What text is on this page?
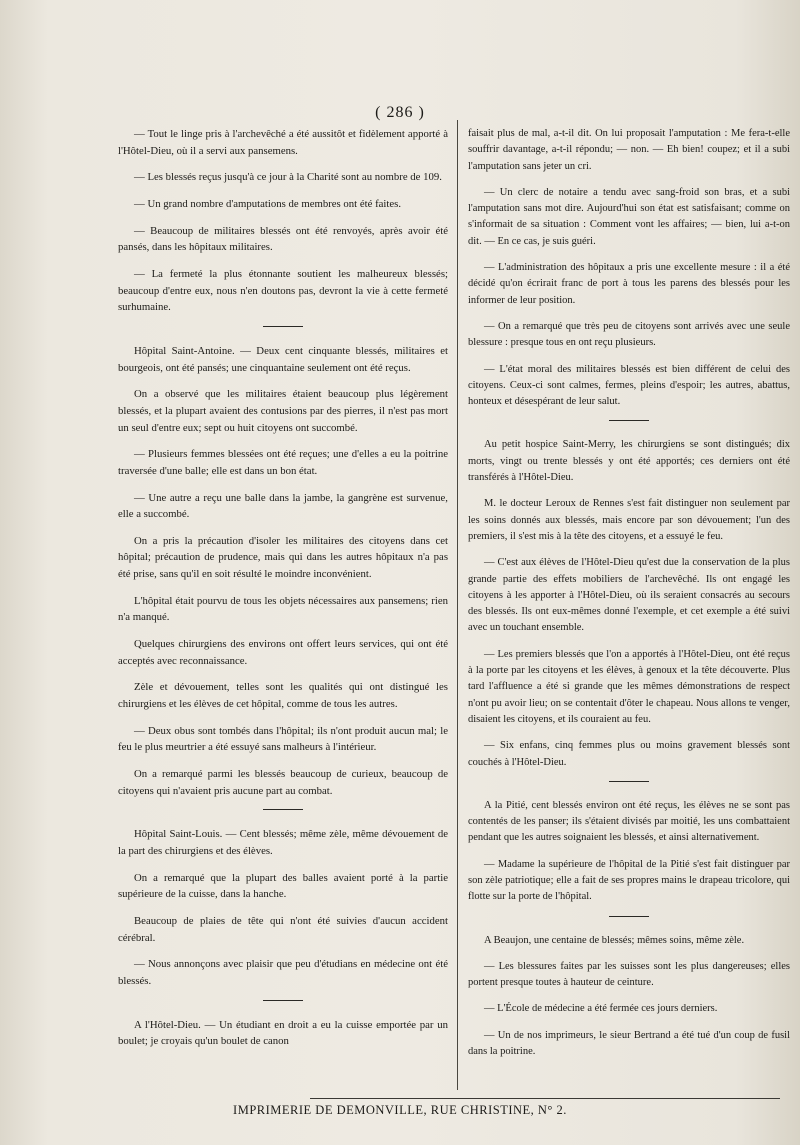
( 286 )

— Tout le linge pris à l'archevêché a été aussitôt et fidèlement apporté à l'Hôtel-Dieu, où il a servi aux pansemens.

— Les blessés reçus jusqu'à ce jour à la Charité sont au nombre de 109.

— Un grand nombre d'amputations de membres ont été faites.

— Beaucoup de militaires blessés ont été renvoyés, après avoir été pansés, dans les hôpitaux militaires.

— La fermeté la plus étonnante soutient les malheureux blessés; beaucoup d'entre eux, nous n'en doutons pas, devront la vie à cette fermeté surhumaine.

Hôpital Saint-Antoine. — Deux cent cinquante blessés, militaires et bourgeois, ont été pansés; une cinquantaine seulement ont été reçus.

On a observé que les militaires étaient beaucoup plus légèrement blessés, et la plupart avaient des contusions par des pierres, il n'est pas mort un seul d'entre eux; sept ou huit citoyens ont succombé.

— Plusieurs femmes blessées ont été reçues; une d'elles a eu la poitrine traversée d'une balle; elle est dans un bon état.

— Une autre a reçu une balle dans la jambe, la gangrène est survenue, elle a succombé.

On a pris la précaution d'isoler les militaires des citoyens dans cet hôpital; précaution de prudence, mais qui dans les autres hôpitaux n'a pas été prise, sans qu'il en soit résulté le moindre inconvénient.

L'hôpital était pourvu de tous les objets nécessaires aux pansemens; rien n'a manqué.

Quelques chirurgiens des environs ont offert leurs services, qui ont été acceptés avec reconnaissance.

Zèle et dévouement, telles sont les qualités qui ont distingué les chirurgiens et les élèves de cet hôpital, comme de tous les autres.

— Deux obus sont tombés dans l'hôpital; ils n'ont produit aucun mal; le feu le plus meurtrier a été essuyé sans malheurs à l'intérieur.

On a remarqué parmi les blessés beaucoup de curieux, beaucoup de citoyens qui n'avaient pris aucune part au combat.

Hôpital Saint-Louis. — Cent blessés; même zèle, même dévouement de la part des chirurgiens et des élèves.

On a remarqué que la plupart des balles avaient porté à la partie supérieure de la cuisse, dans la hanche.

Beaucoup de plaies de tête qui n'ont été suivies d'aucun accident cérébral.

— Nous annonçons avec plaisir que peu d'étudians en médecine ont été blessés.

A l'Hôtel-Dieu. — Un étudiant en droit a eu la cuisse emportée par un boulet; je croyais qu'un boulet de canon

faisait plus de mal, a-t-il dit. On lui proposait l'amputation : Me fera-t-elle souffrir davantage, a-t-il répondu; — non. — Eh bien! coupez; et il a subi l'amputation sans jeter un cri.

— Un clerc de notaire a tendu avec sang-froid son bras, et a subi l'amputation sans mot dire. Aujourd'hui son état est satisfaisant; comme on s'informait de sa situation : Comment vont les affaires; — bien, lui a-t-on dit. — En ce cas, je suis guéri.

— L'administration des hôpitaux a pris une excellente mesure : il a été décidé qu'on écrirait franc de port à tous les parens des blessés pour les informer de leur position.

— On a remarqué que très peu de citoyens sont arrivés avec une seule blessure : presque tous en ont reçu plusieurs.

— L'état moral des militaires blessés est bien différent de celui des citoyens. Ceux-ci sont calmes, fermes, pleins d'espoir; les autres, abattus, honteux et désespérant de leur salut.

Au petit hospice Saint-Merry, les chirurgiens se sont distingués; dix morts, vingt ou trente blessés y ont été apportés; ces derniers ont été transférés à l'Hôtel-Dieu.

M. le docteur Leroux de Rennes s'est fait distinguer non seulement par les soins donnés aux blessés, mais encore par son dévouement; l'un des premiers, il s'est mis à la tête des citoyens, et a essuyé le feu.

— C'est aux élèves de l'Hôtel-Dieu qu'est due la conservation de la plus grande partie des effets mobiliers de l'archevêché. Ils ont engagé les citoyens à les apporter à l'Hôtel-Dieu, où ils seraient consacrés au secours des blessés. Ils ont eux-mêmes donné l'exemple, et cet exemple a été suivi avec un touchant ensemble.

— Les premiers blessés que l'on a apportés à l'Hôtel-Dieu, ont été reçus à la porte par les citoyens et les élèves, à genoux et la tête découverte. Plus tard l'affluence a été si grande que les mêmes démonstrations de respect n'ont pu avoir lieu; on se contentait d'ôter le chapeau. Nous allons te venger, disaient les citoyens, et ils couraient au feu.

— Six enfans, cinq femmes plus ou moins gravement blessés sont couchés à l'Hôtel-Dieu.

A la Pitié, cent blessés environ ont été reçus, les élèves ne se sont pas contentés de les panser; ils s'étaient divisés par moitié, les uns combattaient pendant que les autres soignaient les blessés, et ainsi alternativement.

— Madame la supérieure de l'hôpital de la Pitié s'est fait distinguer par son zèle patriotique; elle a fait de ses propres mains le drapeau tricolore, qui flotte sur la porte de l'hôpital.

A Beaujon, une centaine de blessés; mêmes soins, même zèle.

— Les blessures faites par les suisses sont les plus dangereuses; elles portent presque toutes à hauteur de ceinture.

— L'École de médecine a été fermée ces jours derniers.

— Un de nos imprimeurs, le sieur Bertrand a été tué d'un coup de fusil dans la poitrine.

IMPRIMERIE DE DEMONVILLE, RUE CHRISTINE, N° 2.
